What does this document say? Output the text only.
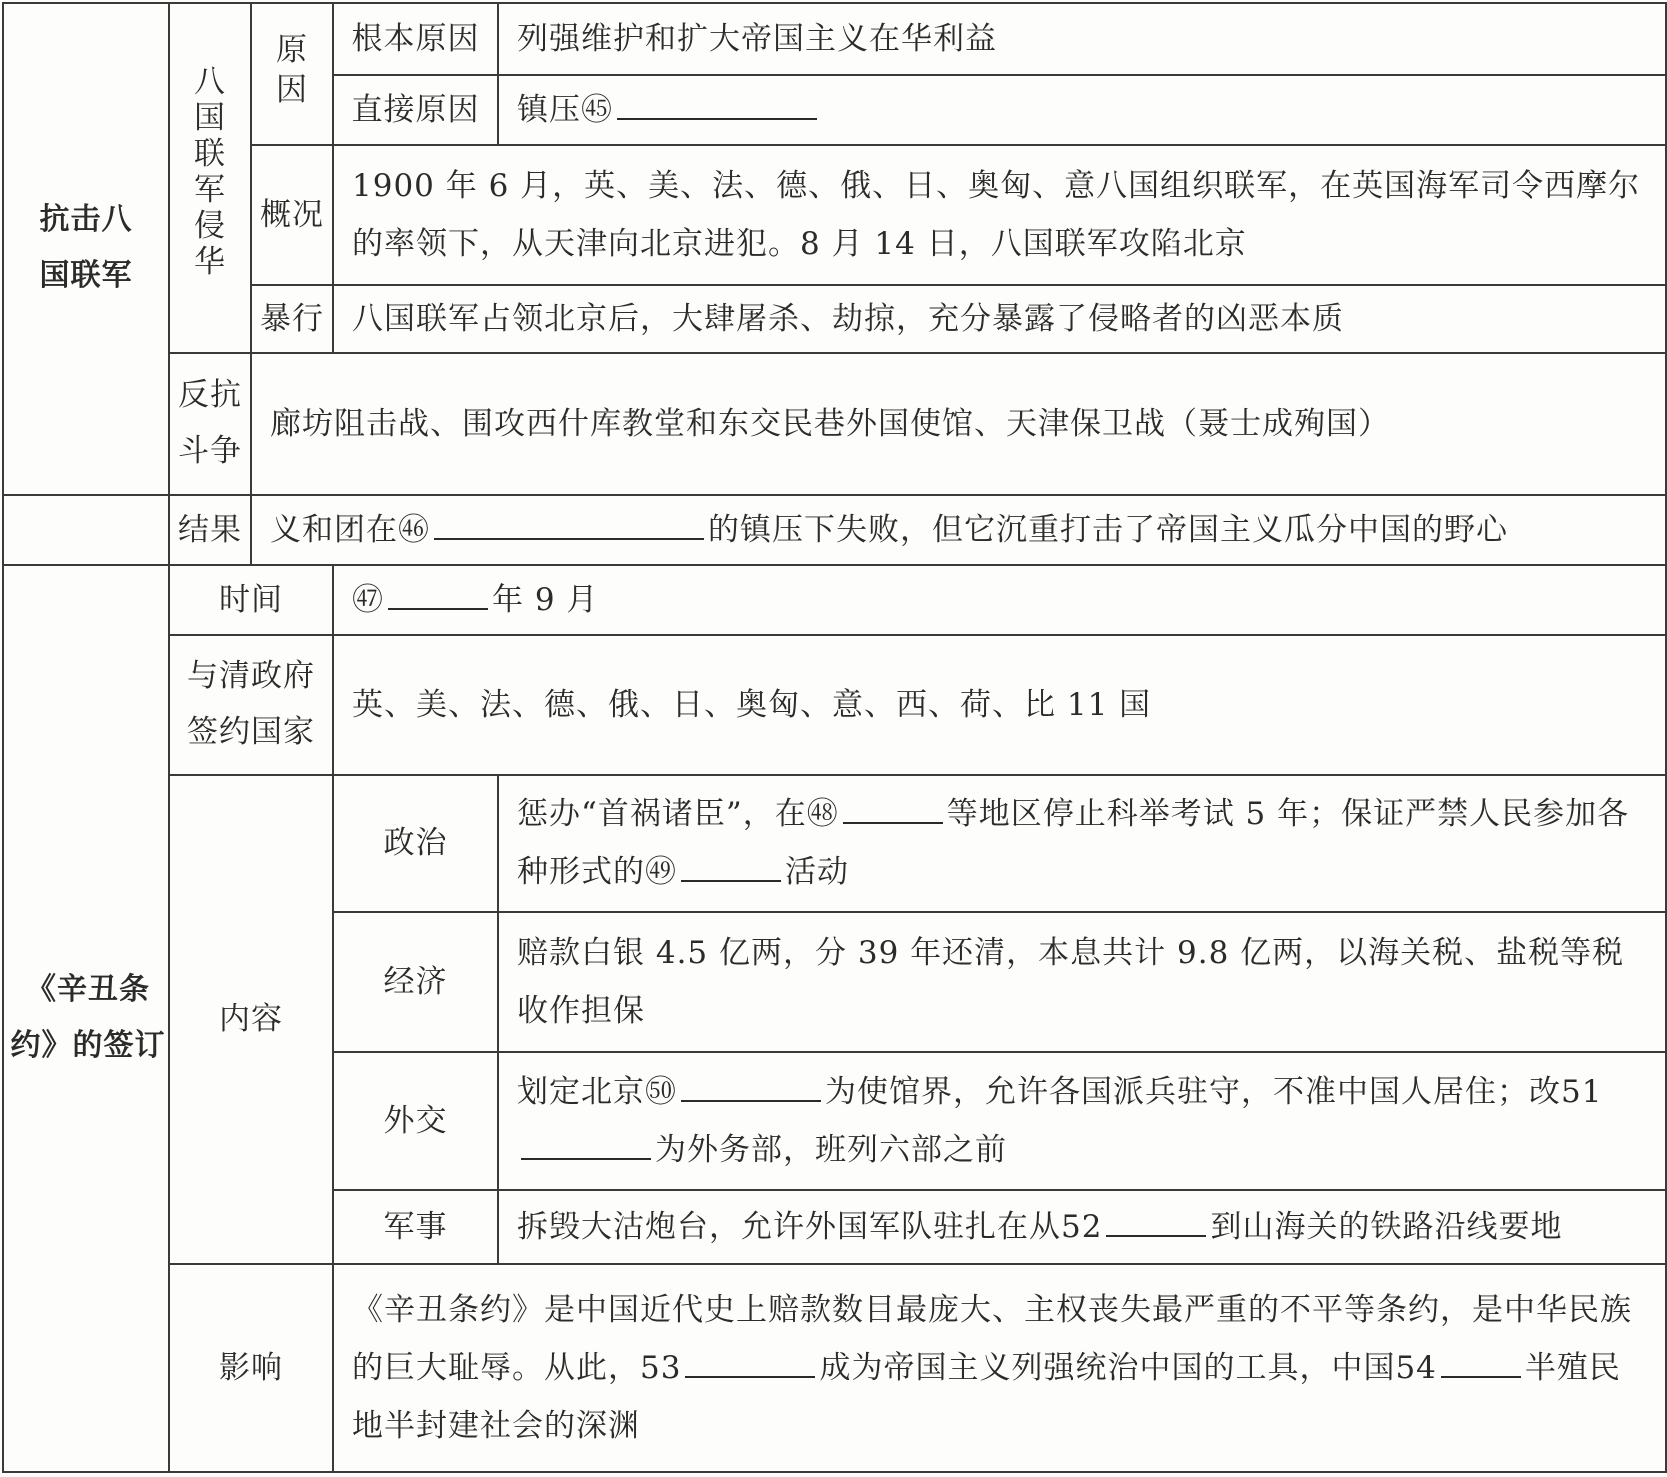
抗击八国联军	八国联军侵华	原因	根本原因	列强维护和扩大帝国主义在华利益
			直接原因	镇压㊺
		概况	1900 年 6 月，英、美、法、德、俄、日、奥匈、意八国组织联军，在英国海军司令西摩尔的率领下，从天津向北京进犯。8 月 14 日，八国联军攻陷北京	
		暴行	八国联军占领北京后，大肆屠杀、劫掠，充分暴露了侵略者的凶恶本质	
	反抗斗争	廊坊阻击战、围攻西什库教堂和东交民巷外国使馆、天津保卫战（聂士成殉国）		
	结果	义和团在㊻ 的镇压下失败，但它沉重打击了帝国主义瓜分中国的野心		
《辛丑条约》的签订	时间		㊼ 年 9 月	
	与清政府签约国家		英、美、法、德、俄、日、奥匈、意、西、荷、比 11 国	
	内容		政治	惩办“首祸诸臣”，在㊽ 等地区停止科举考试 5 年；保证严禁人民参加各种形式的㊾ 活动
			经济	赔款白银 4.5 亿两，分 39 年还清，本息共计 9.8 亿两，以海关税、盐税等税收作担保
			外交	划定北京㊿ 为使馆界，允许各国派兵驻守，不准中国人居住；改51为外务部，班列六部之前
			军事	拆毁大沽炮台，允许外国军队驻扎在从52 到山海关的铁路沿线要地
	影响		《辛丑条约》是中国近代史上赔款数目最庞大、主权丧失最严重的不平等条约，是中华民族的巨大耻辱。从此，53 成为帝国主义列强统治中国的工具，中国54 半殖民地半封建社会的深渊	
